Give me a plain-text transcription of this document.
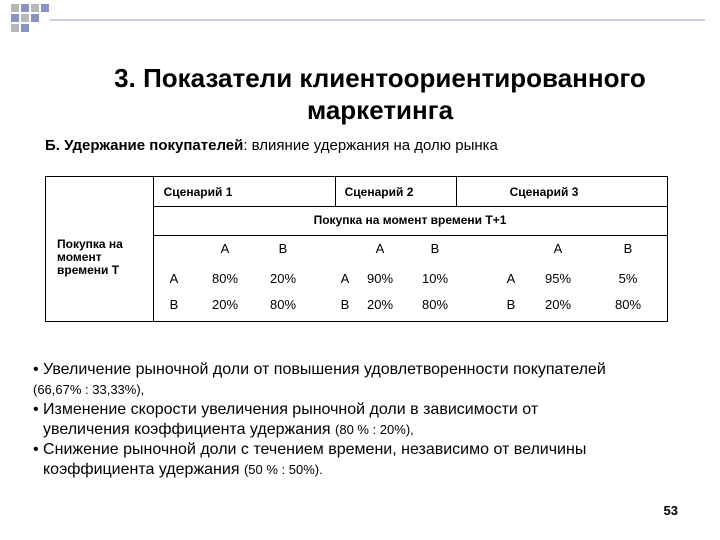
3. Показатели клиентоориентированного
маркетинга
Б. Удержание покупателей: влияние удержания на долю рынка
Сценарий 1	Сценарий 2	Сценарий 3
Покупка на момент времени T+1
Покупка на
момент
времени T
А	В	А	В	А	В
А	80% 20%	А 90% 10%	А 95%	5%
В	20% 80%	В 20% 80%	В 20%	80%
• Увеличение рыночной доли от повышения удовлетворенности покупателей
(66,67% : 33,33%),
• Изменение скорости увеличения рыночной доли в зависимости от
увеличения коэффициента удержания (80 % : 20%),
• Снижение рыночной доли с течением времени, независимо от величины
коэффициента удержания (50 % : 50%).
53
